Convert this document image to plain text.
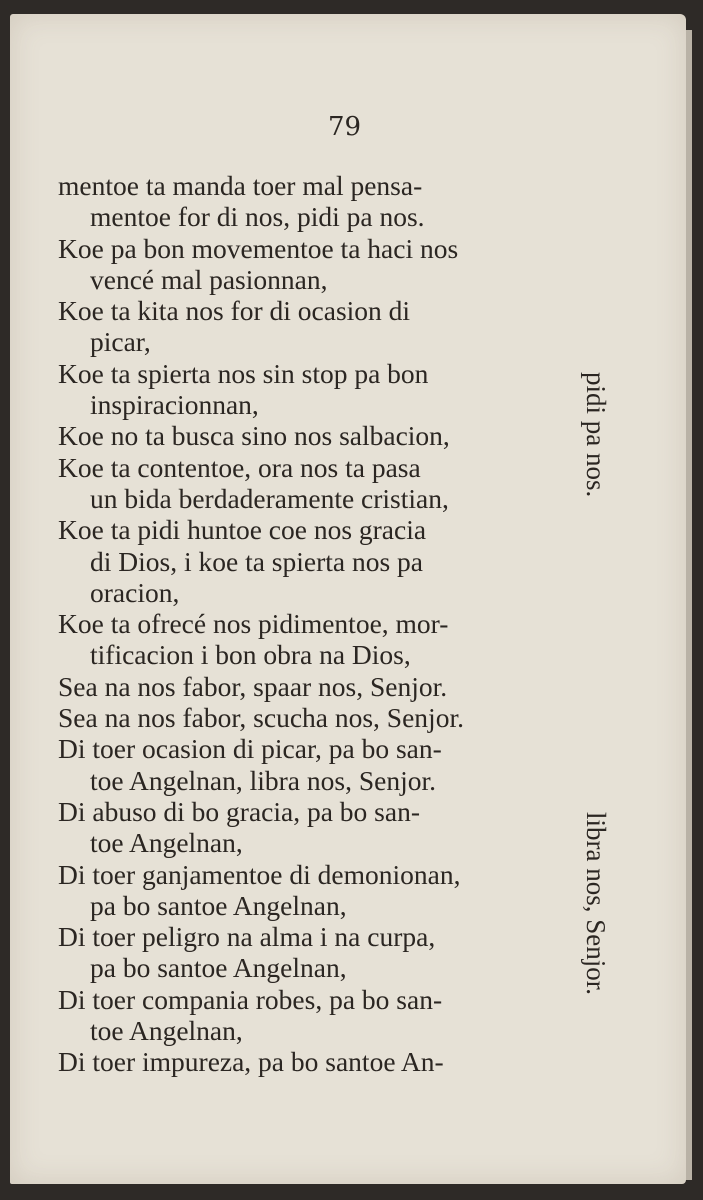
79
mentoe ta manda toer mal pensa-
mentoe for di nos, pidi pa nos.
Koe pa bon movementoe ta haci nos
vencé mal pasionnan,
Koe ta kita nos for di ocasion di
picar,
Koe ta spierta nos sin stop pa bon
inspiracionnan,
Koe no ta busca sino nos salbacion,
Koe ta contentoe, ora nos ta pasa
un bida berdaderamente cristian,
Koe ta pidi huntoe coe nos gracia
di Dios, i koe ta spierta nos pa
oracion,
Koe ta ofrecé nos pidimentoe, mor-
tificacion i bon obra na Dios,
Sea na nos fabor, spaar nos, Senjor.
Sea na nos fabor, scucha nos, Senjor.
Di toer ocasion di picar, pa bo san-
toe Angelnan, libra nos, Senjor.
Di abuso di bo gracia, pa bo san-
toe Angelnan,
Di toer ganjamentoe di demonionan,
pa bo santoe Angelnan,
Di toer peligro na alma i na curpa,
pa bo santoe Angelnan,
Di toer compania robes, pa bo san-
toe Angelnan,
Di toer impureza, pa bo santoe An-
pidi pa nos.
libra nos, Senjor.
